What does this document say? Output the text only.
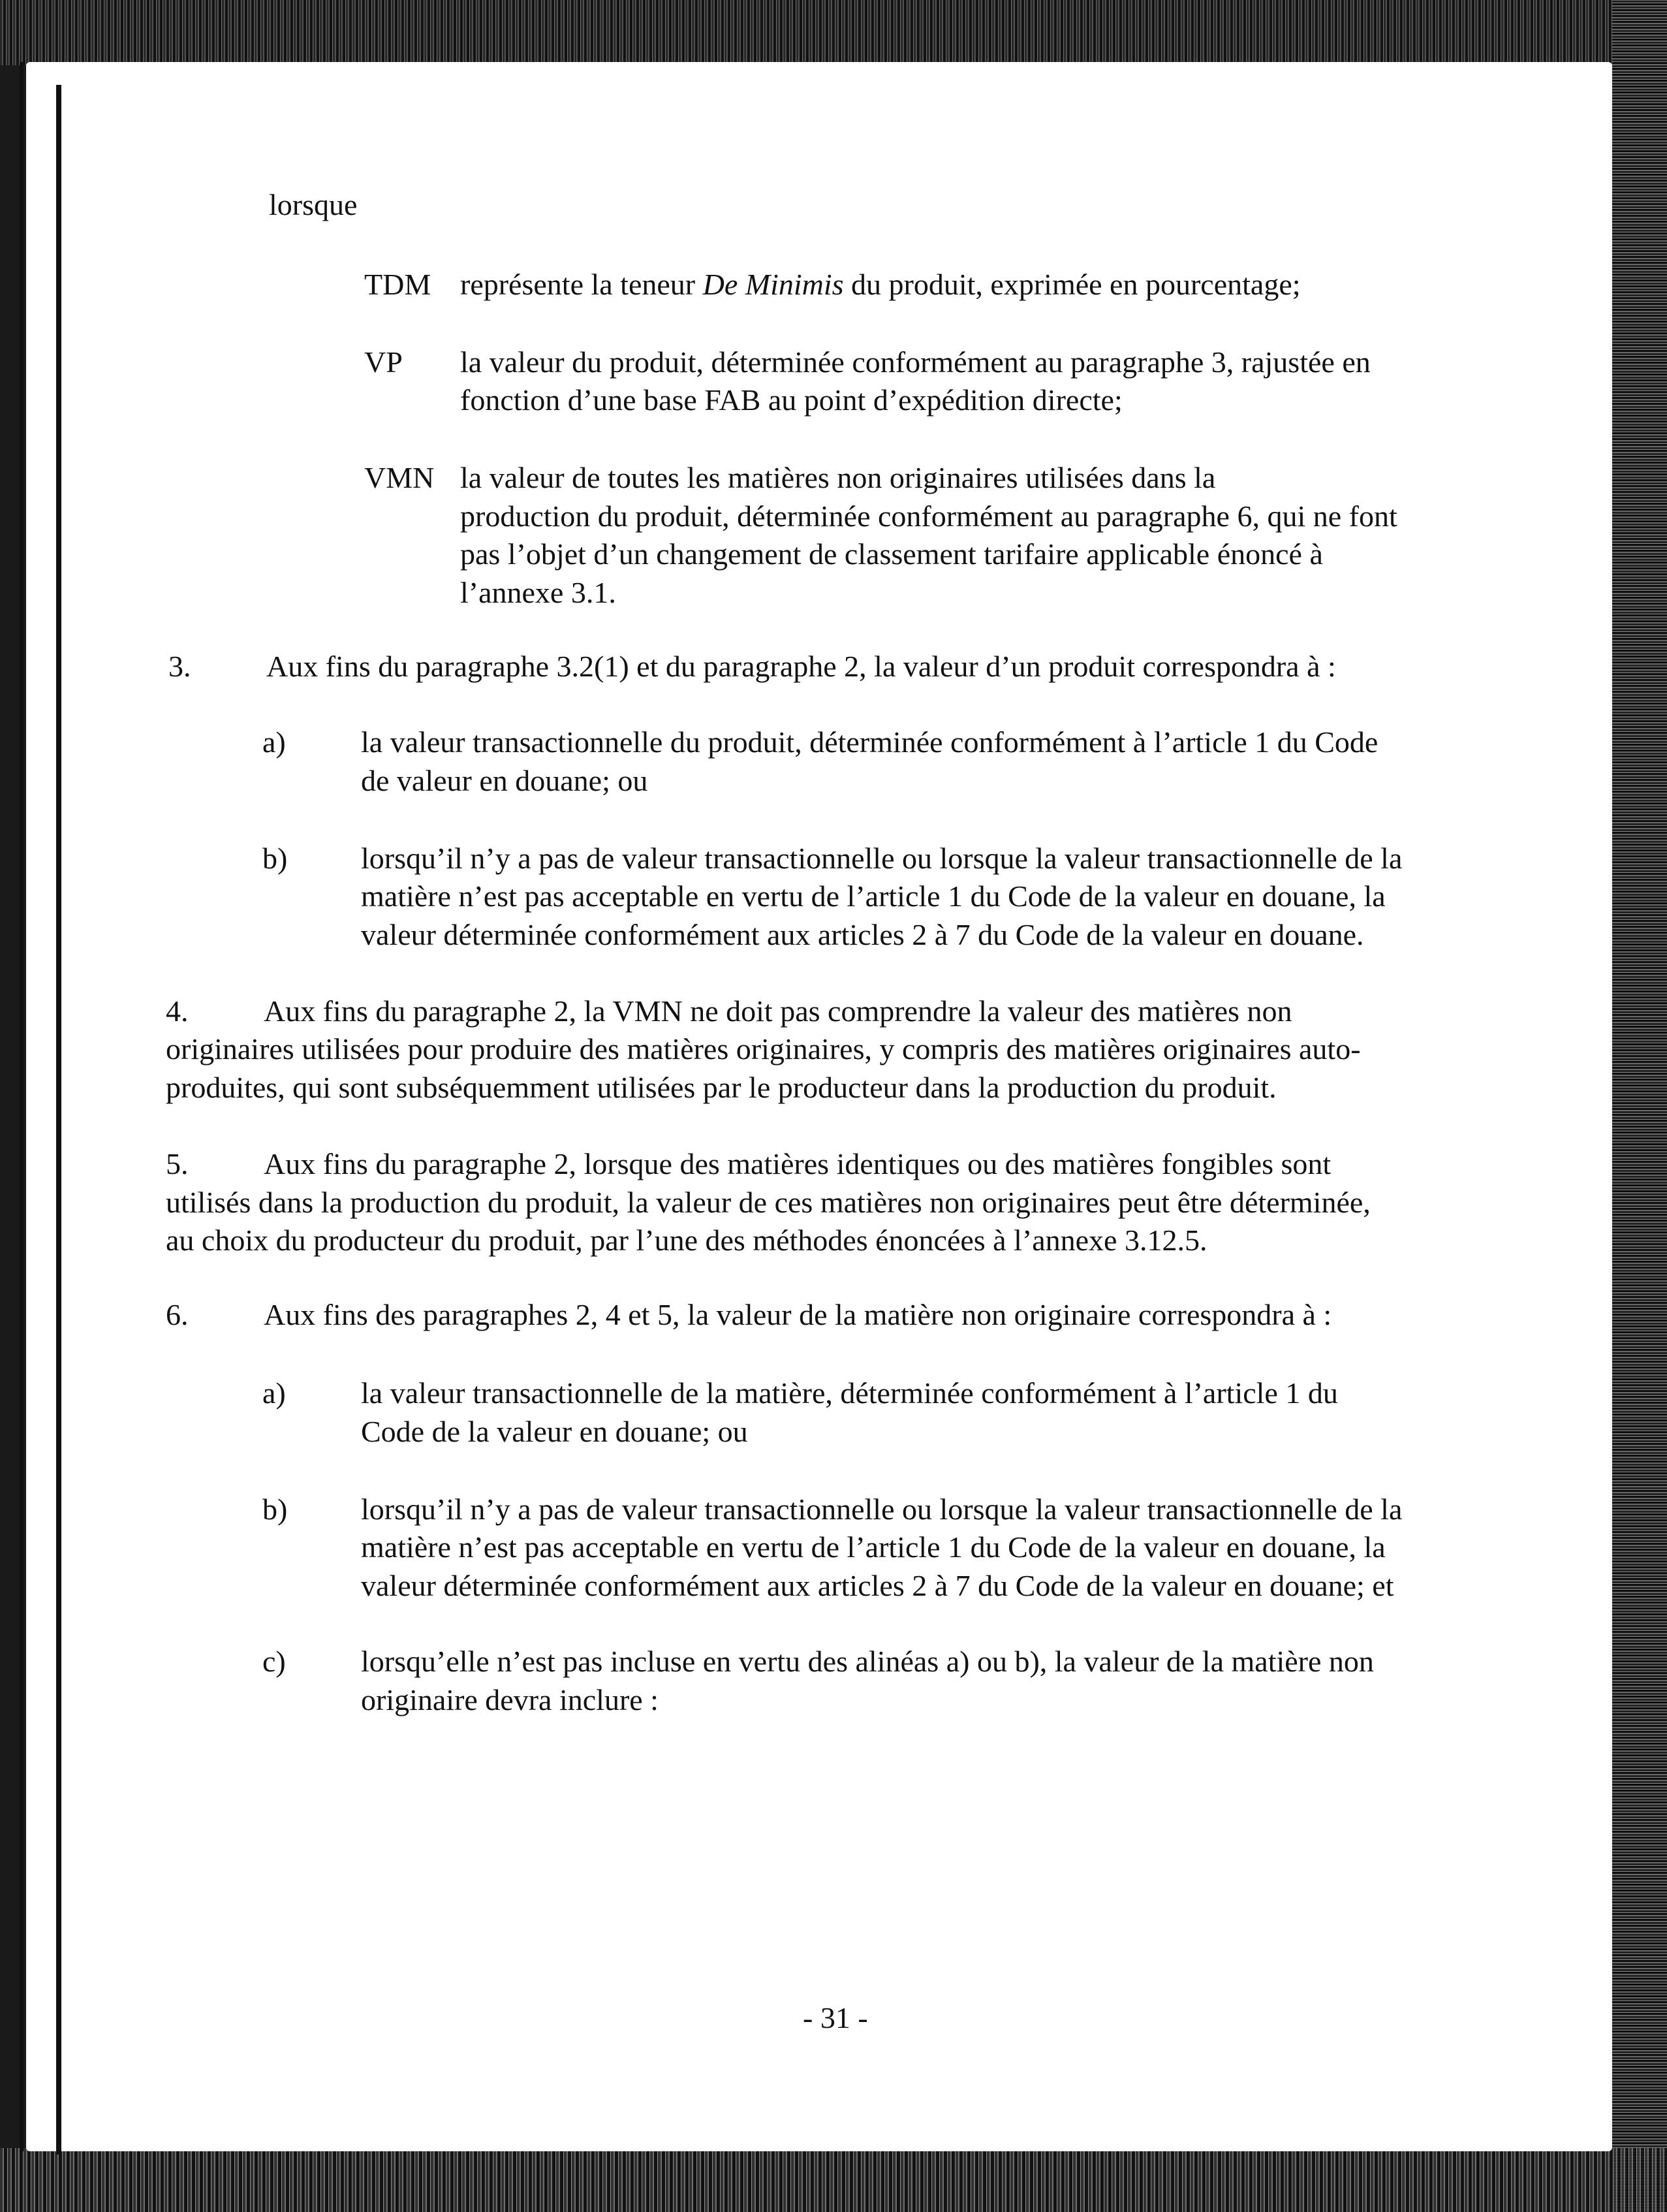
lorsque
TDM représente la teneur De Minimis du produit, exprimée en pourcentage;
VP la valeur du produit, déterminée conformément au paragraphe 3, rajustée en
fonction d’une base FAB au point d’expédition directe;
VMN la valeur de toutes les matières non originaires utilisées dans la
production du produit, déterminée conformément au paragraphe 6, qui ne font
pas l’objet d’un changement de classement tarifaire applicable énoncé à
l’annexe 3.1.
3.	Aux fins du paragraphe 3.2(1) et du paragraphe 2, la valeur d’un produit correspondra à :
a)	la valeur transactionnelle du produit, déterminée conformément à l’article 1 du Code
de valeur en douane; ou
b) lorsqu’il n’y a pas de valeur transactionnelle ou lorsque la valeur transactionnelle de la
matière n’est pas acceptable en vertu de l’article 1 du Code de la valeur en douane, la
valeur déterminée conformément aux articles 2 à 7 du Code de la valeur en douane.
4.	Aux fins du paragraphe 2, la VMN ne doit pas comprendre la valeur des matières non
originaires utilisées pour produire des matières originaires, y compris des matières originaires auto-
produites, qui sont subséquemment utilisées par le producteur dans la production du produit.
5.	Aux fins du paragraphe 2, lorsque des matières identiques ou des matières fongibles sont
utilisés dans la production du produit, la valeur de ces matières non originaires peut être déterminée,
au choix du producteur du produit, par l’une des méthodes énoncées à l’annexe 3.12.5.
6.	Aux fins des paragraphes 2, 4 et 5, la valeur de la matière non originaire correspondra à :
a)	la valeur transactionnelle de la matière, déterminée conformément à l’article 1 du
Code de la valeur en douane; ou
b) lorsqu’il n’y a pas de valeur transactionnelle ou lorsque la valeur transactionnelle de la
matière n’est pas acceptable en vertu de l’article 1 du Code de la valeur en douane, la
valeur déterminée conformément aux articles 2 à 7 du Code de la valeur en douane; et
c)	lorsqu’elle n’est pas incluse en vertu des alinéas a) ou b), la valeur de la matière non
originaire devra inclure :
- 31 -
